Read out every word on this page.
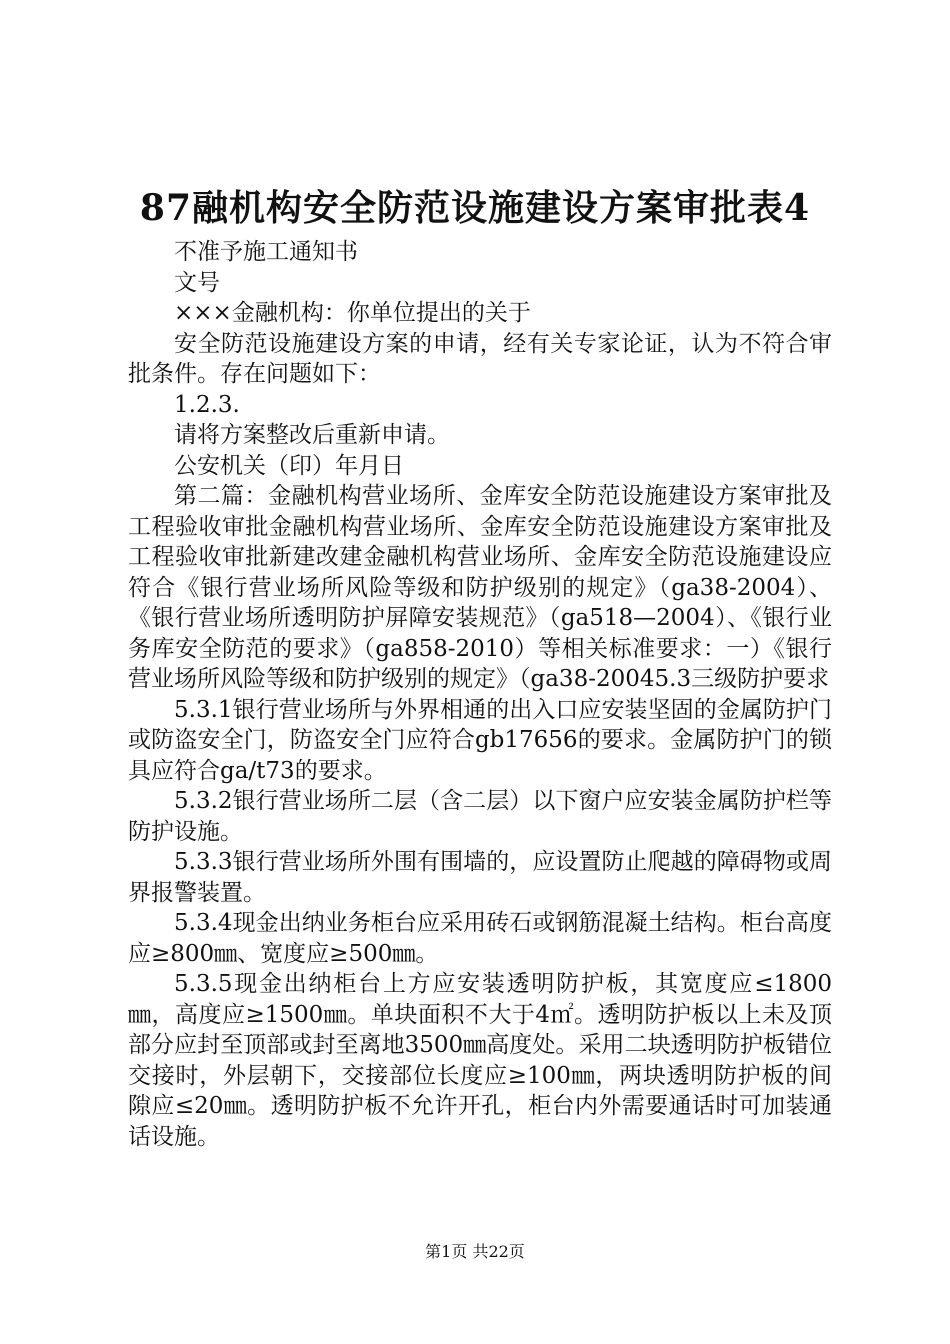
87融机构安全防范设施建设方案审批表4

不准予施工通知书

文号

×××金融机构：你单位提出的关于

安全防范设施建设方案的申请，经有关专家论证，认为不符合审批条件。存在问题如下：

1.2.3.

请将方案整改后重新申请。

公安机关（印）年月日

第二篇：金融机构营业场所、金库安全防范设施建设方案审批及工程验收审批金融机构营业场所、金库安全防范设施建设方案审批及工程验收审批新建改建金融机构营业场所、金库安全防范设施建设应符合《银行营业场所风险等级和防护级别的规定》（ga38-2004）、《银行营业场所透明防护屏障安装规范》（ga518—2004）、《银行业务库安全防范的要求》（ga858-2010）等相关标准要求：一）《银行营业场所风险等级和防护级别的规定》（ga38-20045.3三级防护要求

5.3.1银行营业场所与外界相通的出入口应安装坚固的金属防护门或防盗安全门，防盗安全门应符合gb17656的要求。金属防护门的锁具应符合ga/t73的要求。

5.3.2银行营业场所二层（含二层）以下窗户应安装金属防护栏等防护设施。

5.3.3银行营业场所外围有围墙的，应设置防止爬越的障碍物或周界报警装置。

5.3.4现金出纳业务柜台应采用砖石或钢筋混凝土结构。柜台高度应≥800㎜、宽度应≥500㎜。

5.3.5现金出纳柜台上方应安装透明防护板，其宽度应≤1800㎜，高度应≥1500㎜。单块面积不大于4㎡。透明防护板以上未及顶部分应封至顶部或封至离地3500㎜高度处。采用二块透明防护板错位交接时，外层朝下，交接部位长度应≥100㎜，两块透明防护板的间隙应≤20㎜。透明防护板不允许开孔，柜台内外需要通话时可加装通话设施。

第1页 共22页
